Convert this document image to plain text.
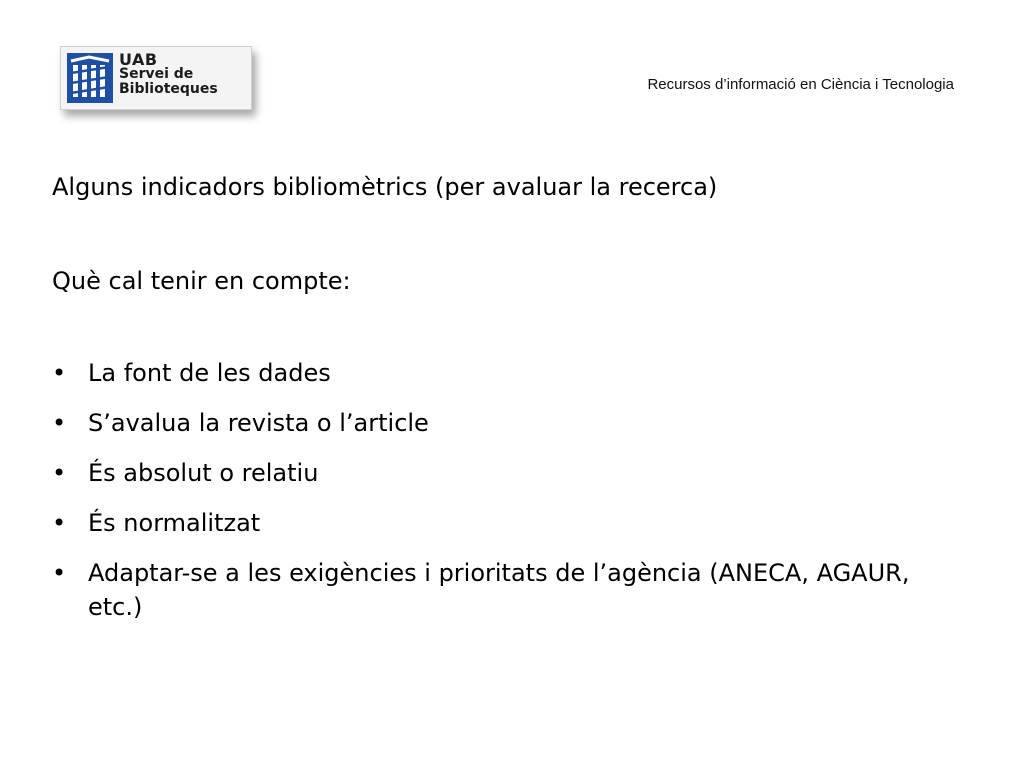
UAB
Servei de
Biblioteques	Recursos d’informació en Ciència i Tecnologia

Alguns indicadors bibliomètrics (per avaluar la recerca)

Què cal tenir en compte:

• La font de les dades
• S’avalua la revista o l’article
• És absolut o relatiu
• És normalitzat
• Adaptar-se a les exigències i prioritats de l’agència (ANECA, AGAUR, etc.)
